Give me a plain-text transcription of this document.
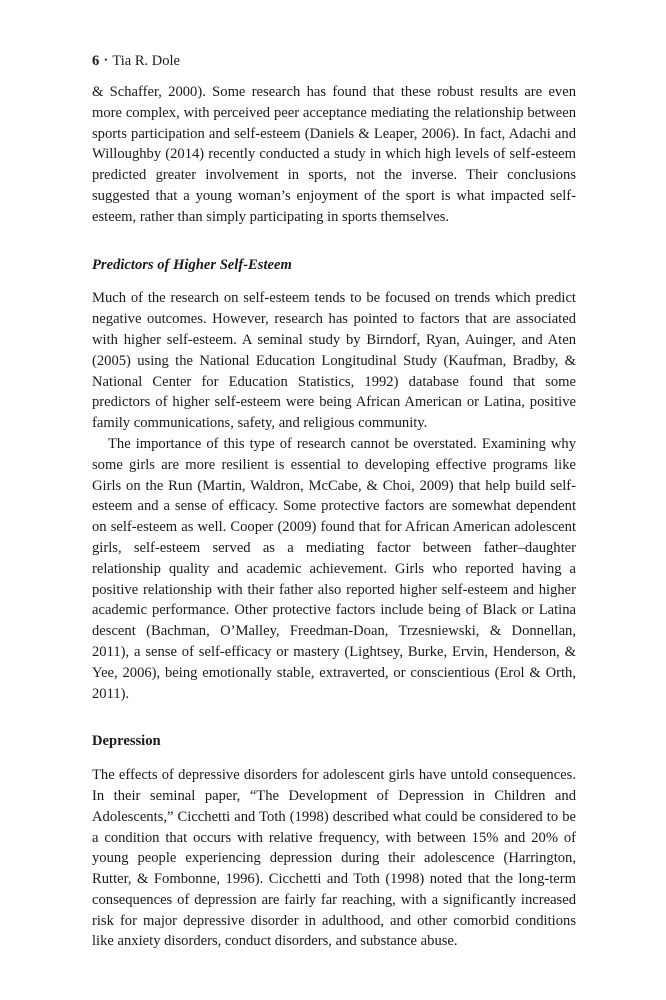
6 • Tia R. Dole

& Schaffer, 2000). Some research has found that these robust results are even more complex, with perceived peer acceptance mediating the relationship between sports participation and self-esteem (Daniels & Leaper, 2006). In fact, Adachi and Willoughby (2014) recently conducted a study in which high levels of self-esteem predicted greater involvement in sports, not the inverse. Their conclusions suggested that a young woman’s enjoyment of the sport is what impacted self-esteem, rather than simply participating in sports themselves.

Predictors of Higher Self-Esteem

Much of the research on self-esteem tends to be focused on trends which predict negative outcomes. However, research has pointed to factors that are associated with higher self-esteem. A seminal study by Birndorf, Ryan, Auinger, and Aten (2005) using the National Education Longitudinal Study (Kaufman, Bradby, & National Center for Education Statistics, 1992) database found that some predictors of higher self-esteem were being African American or Latina, positive family communications, safety, and religious community.

The importance of this type of research cannot be overstated. Examining why some girls are more resilient is essential to developing effective programs like Girls on the Run (Martin, Waldron, McCabe, & Choi, 2009) that help build self-esteem and a sense of efficacy. Some protective factors are somewhat dependent on self-esteem as well. Cooper (2009) found that for African American adolescent girls, self-esteem served as a mediating factor between father–daughter relationship quality and academic achievement. Girls who reported having a positive relationship with their father also reported higher self-esteem and higher academic performance. Other protective factors include being of Black or Latina descent (Bachman, O’Malley, Freedman-Doan, Trzesniewski, & Donnellan, 2011), a sense of self-efficacy or mastery (Lightsey, Burke, Ervin, Henderson, & Yee, 2006), being emotionally stable, extraverted, or conscientious (Erol & Orth, 2011).

Depression

The effects of depressive disorders for adolescent girls have untold consequences. In their seminal paper, “The Development of Depression in Children and Adolescents,” Cicchetti and Toth (1998) described what could be considered to be a condition that occurs with relative frequency, with between 15% and 20% of young people experiencing depression during their adolescence (Harrington, Rutter, & Fombonne, 1996). Cicchetti and Toth (1998) noted that the long-term consequences of depression are fairly far reaching, with a significantly increased risk for major depressive disorder in adulthood, and other comorbid conditions like anxiety disorders, conduct disorders, and substance abuse.
